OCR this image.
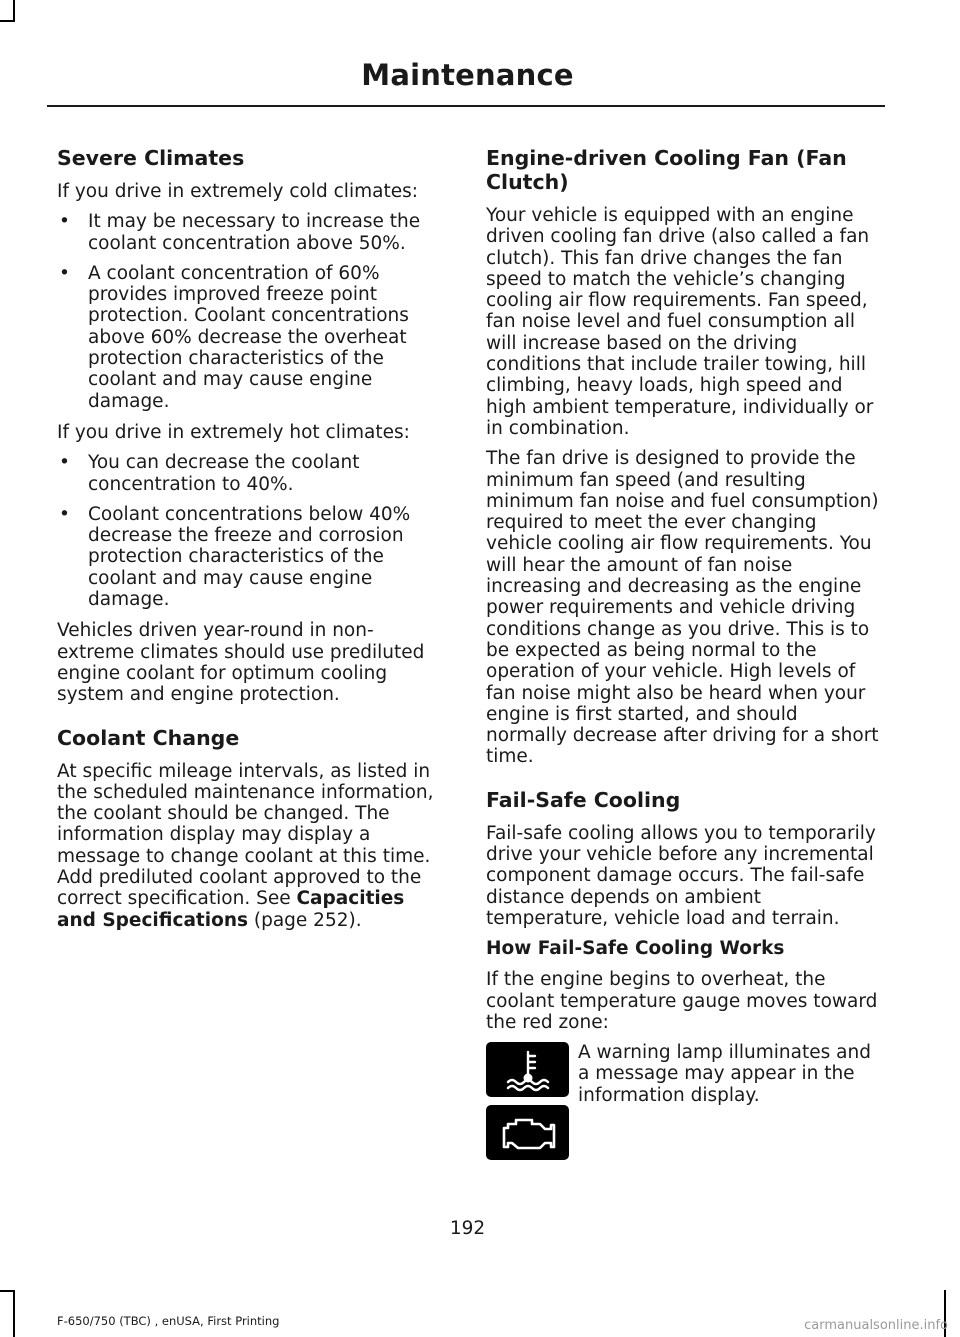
Maintenance
Severe Climates

If you drive in extremely cold climates:

• It may be necessary to increase the coolant concentration above 50%.
• A coolant concentration of 60% provides improved freeze point protection. Coolant concentrations above 60% decrease the overheat protection characteristics of the coolant and may cause engine damage.

If you drive in extremely hot climates:

• You can decrease the coolant concentration to 40%.
• Coolant concentrations below 40% decrease the freeze and corrosion protection characteristics of the coolant and may cause engine damage.

Vehicles driven year-round in non-extreme climates should use prediluted engine coolant for optimum cooling system and engine protection.

Coolant Change

At specific mileage intervals, as listed in the scheduled maintenance information, the coolant should be changed. The information display may display a message to change coolant at this time. Add prediluted coolant approved to the correct specification. See Capacities and Specifications (page 252).

Engine-driven Cooling Fan (Fan Clutch)

Your vehicle is equipped with an engine driven cooling fan drive (also called a fan clutch). This fan drive changes the fan speed to match the vehicle’s changing cooling air flow requirements. Fan speed, fan noise level and fuel consumption all will increase based on the driving conditions that include trailer towing, hill climbing, heavy loads, high speed and high ambient temperature, individually or in combination.

The fan drive is designed to provide the minimum fan speed (and resulting minimum fan noise and fuel consumption) required to meet the ever changing vehicle cooling air flow requirements. You will hear the amount of fan noise increasing and decreasing as the engine power requirements and vehicle driving conditions change as you drive. This is to be expected as being normal to the operation of your vehicle. High levels of fan noise might also be heard when your engine is first started, and should normally decrease after driving for a short time.

Fail-Safe Cooling

Fail-safe cooling allows you to temporarily drive your vehicle before any incremental component damage occurs. The fail-safe distance depends on ambient temperature, vehicle load and terrain.

How Fail-Safe Cooling Works

If the engine begins to overheat, the coolant temperature gauge moves toward the red zone:

A warning lamp illuminates and a message may appear in the information display.
192
F-650/750 (TBC) , enUSA, First Printing	carmanualsonline.info
